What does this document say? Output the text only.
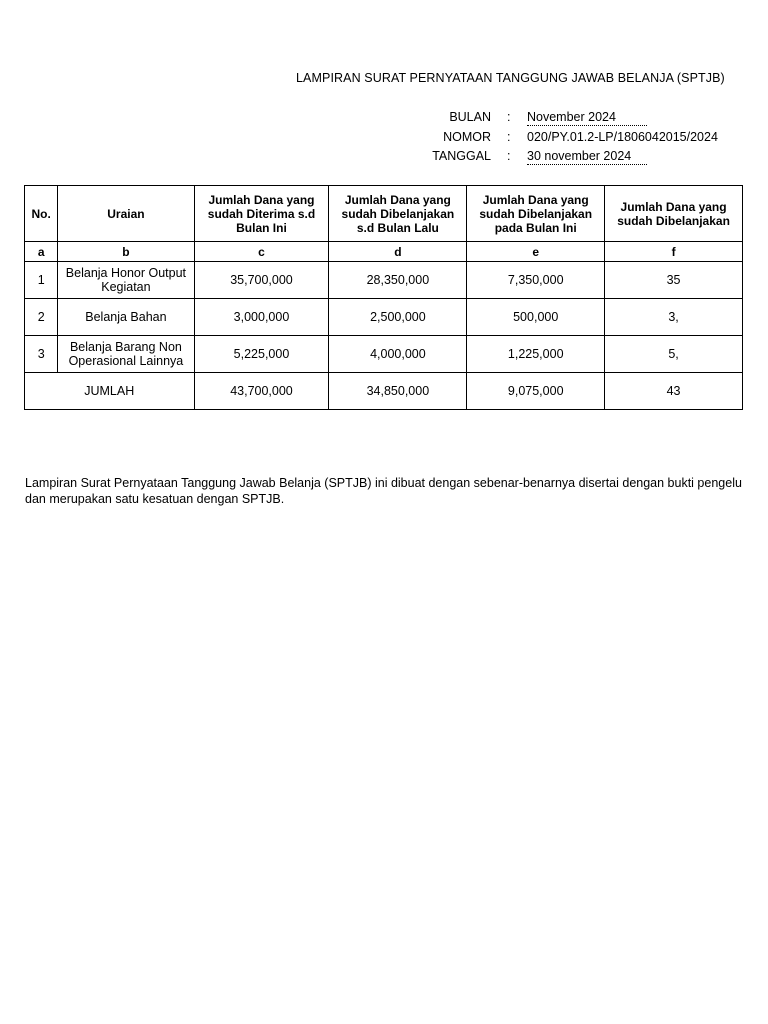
LAMPIRAN SURAT PERNYATAAN TANGGUNG JAWAB BELANJA (SPTJB)
BULAN : November 2024
NOMOR : 020/PY.01.2-LP/1806042015/2024
TANGGAL : 30 november 2024
No.	Uraian	Jumlah Dana yang sudah Diterima s.d Bulan Ini	Jumlah Dana yang sudah Dibelanjakan s.d Bulan Lalu	Jumlah Dana yang sudah Dibelanjakan pada Bulan Ini	Jumlah Dana yang sudah Dibelanjakan
a	b	c	d	e	f
1	Belanja Honor Output Kegiatan	35,700,000	28,350,000	7,350,000	35
2	Belanja Bahan	3,000,000	2,500,000	500,000	3,
3	Belanja Barang Non Operasional Lainnya	5,225,000	4,000,000	1,225,000	5,
JUMLAH		43,700,000	34,850,000	9,075,000	43
Lampiran Surat Pernyataan Tanggung Jawab Belanja (SPTJB) ini dibuat dengan sebenar-benarnya disertai dengan bukti pengelu
dan merupakan satu kesatuan dengan SPTJB.
